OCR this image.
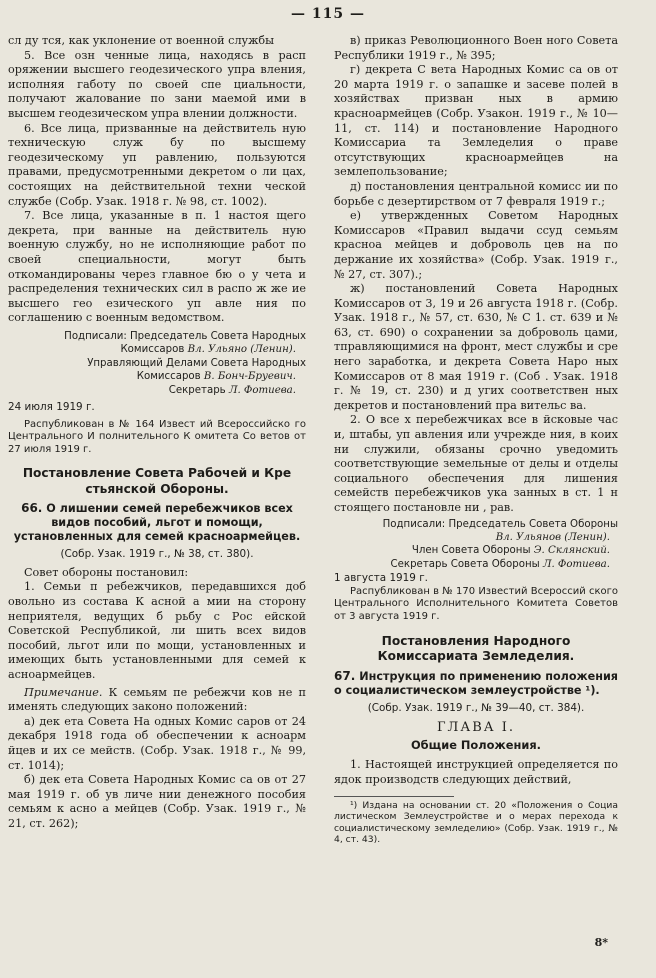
— 115 —

сл ду тся, как уклонение от военной службы

5. Все озн ченные лица, находясь в расп оряжении высшего геодезического упра вления, исполняя габоту по своей спе циальности, получают жалование по зани маемой ими в высшем геодезическом упра влении должности.

6. Все лица, призванные на действитель ную техническую служ бу по высшему геодезическому уп равлению, пользуются правами, предусмотренными декретом о ли цах, состоящих на действительной техни ческой службе (Собр. Узак. 1918 г. № 98, ст. 1002).

7. Все лица, указанные в п. 1 настоя щего декрета, при ванные на действитель ную военную службу, но не исполняющие работ по своей специальности, могут быть откомандированы через главное бю о у чета и распределения технических сил в распо ж же ие высшего гео езического уп авле ния по соглашению с военным ведомством.

Подписали: Председатель Совета Народных
Комиссаров Вл. Ульяно (Ленин).
Управляющий Делами Совета Народных
Комиссаров В. Бонч-Бруевич.
Секретарь Л. Фотиева.
24 июля 1919 г.

Распубликован в № 164 Извест ий Всероссийско го Центрального И полнительного К омитета Со ветов от 27 июля 1919 г.

Постановление Совета Рабочей и Кре стьянской Обороны.

66. О лишении семей перебежчиков всех видов пособий, льгот и помощи, установленных для семей красноармейцев.

(Собр. Узак. 1919 г., № 38, ст. 380).

Совет обороны постановил:

1. Семьи п ребежчиков, передавшихся доб овольно из состава К асной а мии на сторону неприятеля, ведущих б рьбу с Рос ейской Советской Республикой, ли шить всех видов пособий, льгот или по мощи, установленных и имеющих быть установленными для семей к асноармейцев.

Примечание. К семьям пе ребежчи ков не п именять следующих законо положений:

а) дек ета Совета На одных Комис саров от 24 декабря 1918 года об обеспечении к асноарм йцев и их се мейств. (Собр. Узак. 1918 г., № 99, ст. 1014);

б) дек ета Совета Народных Комис са ов от 27 мая 1919 г. об ув личе нии денежного пособия семьям к асно а мейцев (Собр. Узак. 1919 г., № 21, ст. 262);

в) приказ Революционного Воен ного Совета Республики 1919 г., № 395;

г) декрета С вета Народных Комис са ов от 20 марта 1919 г. о запашке и засеве полей в хозяйствах призван ных в армию красноармейцев (Собр. Узакон. 1919 г., № 10—11, ст. 114) и постановление Народного Комиссариа та Земледелия о праве отсутствующих красноармейцев на землепользование;

д) постановления центральной комисс ии по борьбе с дезертирством от 7 февраля 1919 г.;

е) утвержденных Советом Народных Комиссаров «Правил выдачи ссуд семьям красноа мейцев и доброволь цев на по держание их хозяйства» (Собр. Узак. 1919 г., № 27, ст. 307).;

ж) постановлений Совета Народных Комиссаров от 3, 19 и 26 августа 1918 г. (Собр. Узак. 1918 г., № 57, ст. 630, № С 1. ст. 639 и № 63, ст. 690) о сохранении за доброволь цами, тправляющимися на фронт, мест службы и сре него заработка, и декрета Совета Наро ных Комиссаров от 8 мая 1919 г. (Соб . Узак. 1918 г. № 19, ст. 230) и д угих соответствен ных декретов и постановлений пра вительс ва.

2. О все х перебежчиках все в йсковые час и, штабы, уп авления или учрежде ния, в коих ни служили, обязаны срочно уведомить соответствующие земельные от делы и отделы социального обеспечения для лишения семейств перебежчиков ука занных в ст. 1 н стоящего постановле ни , рав.

Подписали: Председатель Совета Обороны
Вл. Ульянов (Ленин).
Член Совета Обороны Э. Склянский.
Секретарь Совета Обороны Л. Фотиева.
1 августа 1919 г.

Распубликован в № 170 Известий Всероссий ского Центрального Исполнительного Комитета Советов от 3 августа 1919 г.

Постановления Народного Комиссариата Земледелия.

67. Инструкция по применению положения о социалистическом землеустройстве ¹).

(Собр. Узак. 1919 г., № 39—40, ст. 384).
ГЛАВА I.
Общие Положения.

1. Настоящей инструкцией определяется по ядок производств следующих действий,

¹) Издана на основании ст. 20 «Положения о Социа листическом Землеустройстве и о мерах перехода к социалистическому земледелию» (Собр. Узак. 1919 г., № 4, ст. 43).

8*
